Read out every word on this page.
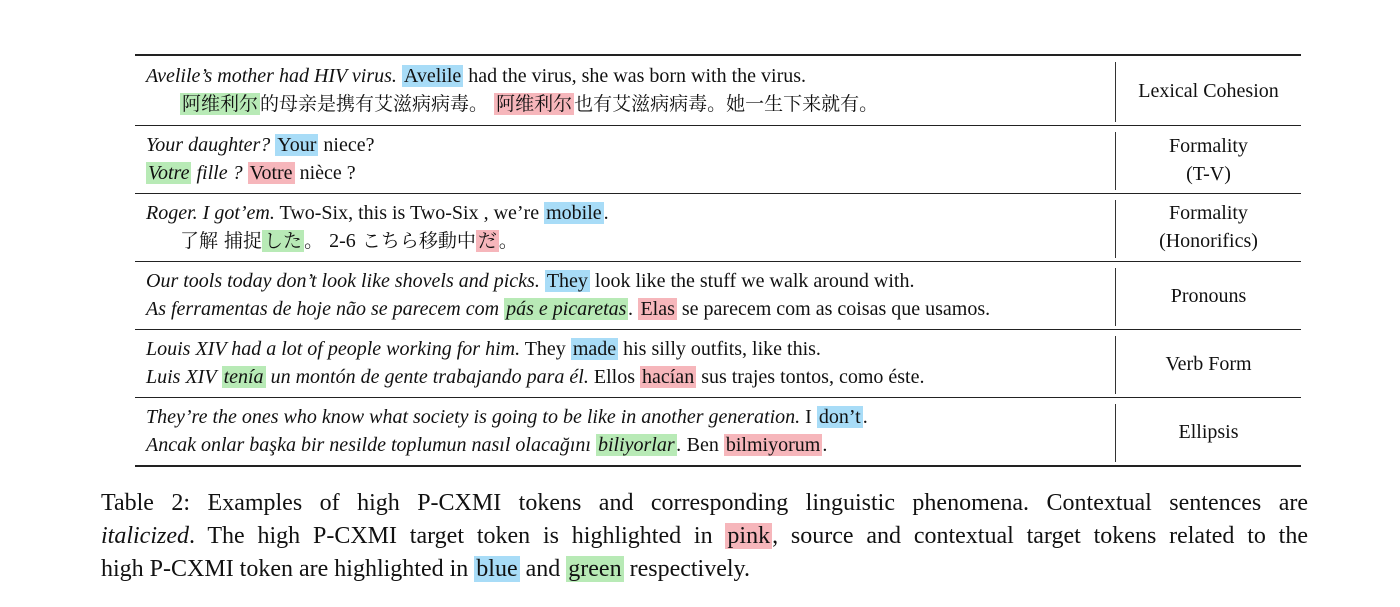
Avelile’s mother had HIV virus. Avelile had the virus, she was born with the virus.
阿维利尔 的母亲是携有艾滋病病毒。 阿维利尔 也有艾滋病病毒。她一生下来就有。
Lexical Cohesion
Your daughter? Your niece?
Votre fille ? Votre nièce ?
Formality
(T-V)
Roger. I got’em. Two-Six, this is Two-Six , we’re mobile .
了解 捕捉 した 。 2-6 こちら移動中 だ 。
Formality
(Honorifics)
Our tools today don’t look like shovels and picks. They look like the stuff we walk around with.
As ferramentas de hoje não se parecem com pás e picaretas . Elas se parecem com as coisas que usamos.
Pronouns
Louis XIV had a lot of people working for him. They made his silly outfits, like this.
Luis XIV tenía un montón de gente trabajando para él. Ellos hacían sus trajes tontos, como éste.
Verb Form
They’re the ones who know what society is going to be like in another generation. I don’t .
Ancak onlar başka bir nesilde toplumun nasıl olacağını biliyorlar . Ben bilmiyorum .
Ellipsis
Table 2: Examples of high P-CXMI tokens and corresponding linguistic phenomena. Contextual sentences are
italicized. The high P-CXMI target token is highlighted in pink, source and contextual target tokens related to the
high P-CXMI token are highlighted in blue and green respectively.
